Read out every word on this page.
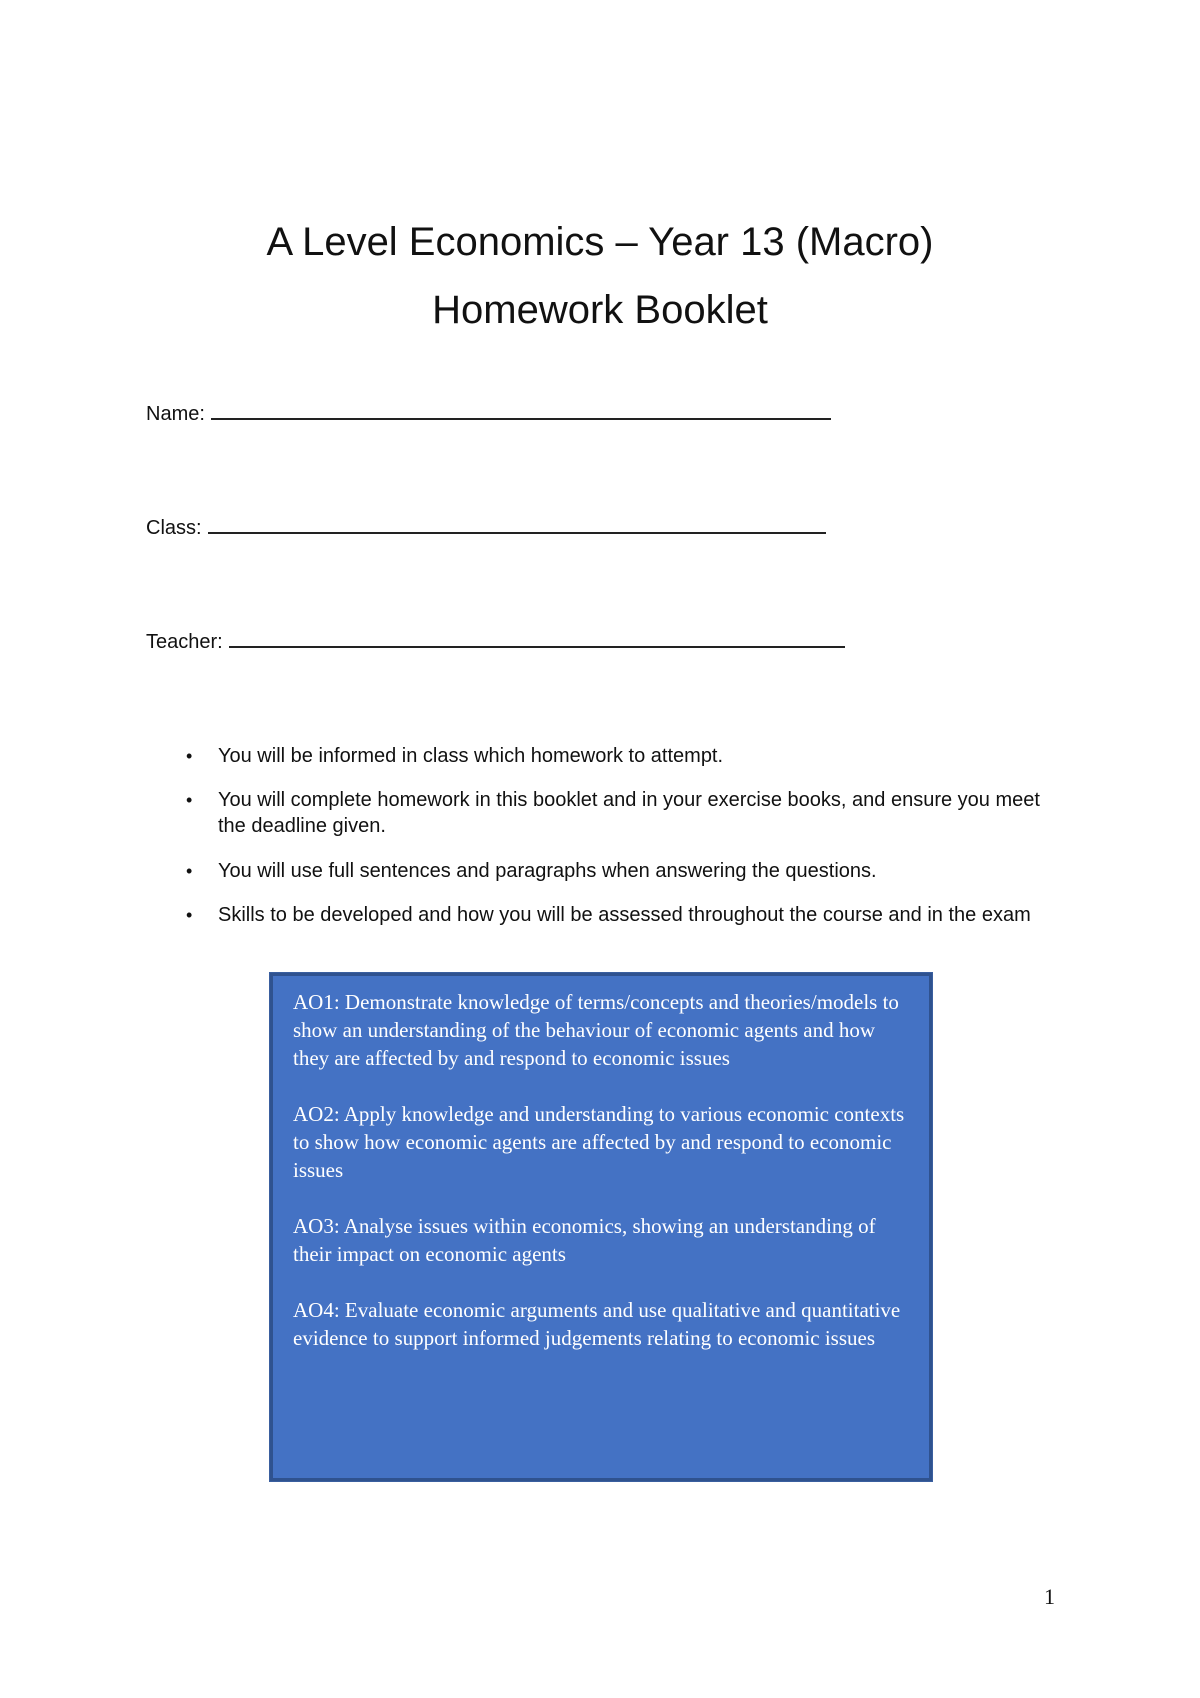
A Level Economics – Year 13 (Macro)
Homework Booklet
Name:
Class:
Teacher:
•	You will be informed in class which homework to attempt.
•	You will complete homework in this booklet and in your exercise books, and ensure you meet the deadline given.
•	You will use full sentences and paragraphs when answering the questions.
•	Skills to be developed and how you will be assessed throughout the course and in the exam

AO1: Demonstrate knowledge of terms/concepts and theories/models to show an understanding of the behaviour of economic agents and how they are affected by and respond to economic issues

AO2: Apply knowledge and understanding to various economic contexts to show how economic agents are affected by and respond to economic issues

AO3: Analyse issues within economics, showing an understanding of their impact on economic agents

AO4: Evaluate economic arguments and use qualitative and quantitative evidence to support informed judgements relating to economic issues

1
